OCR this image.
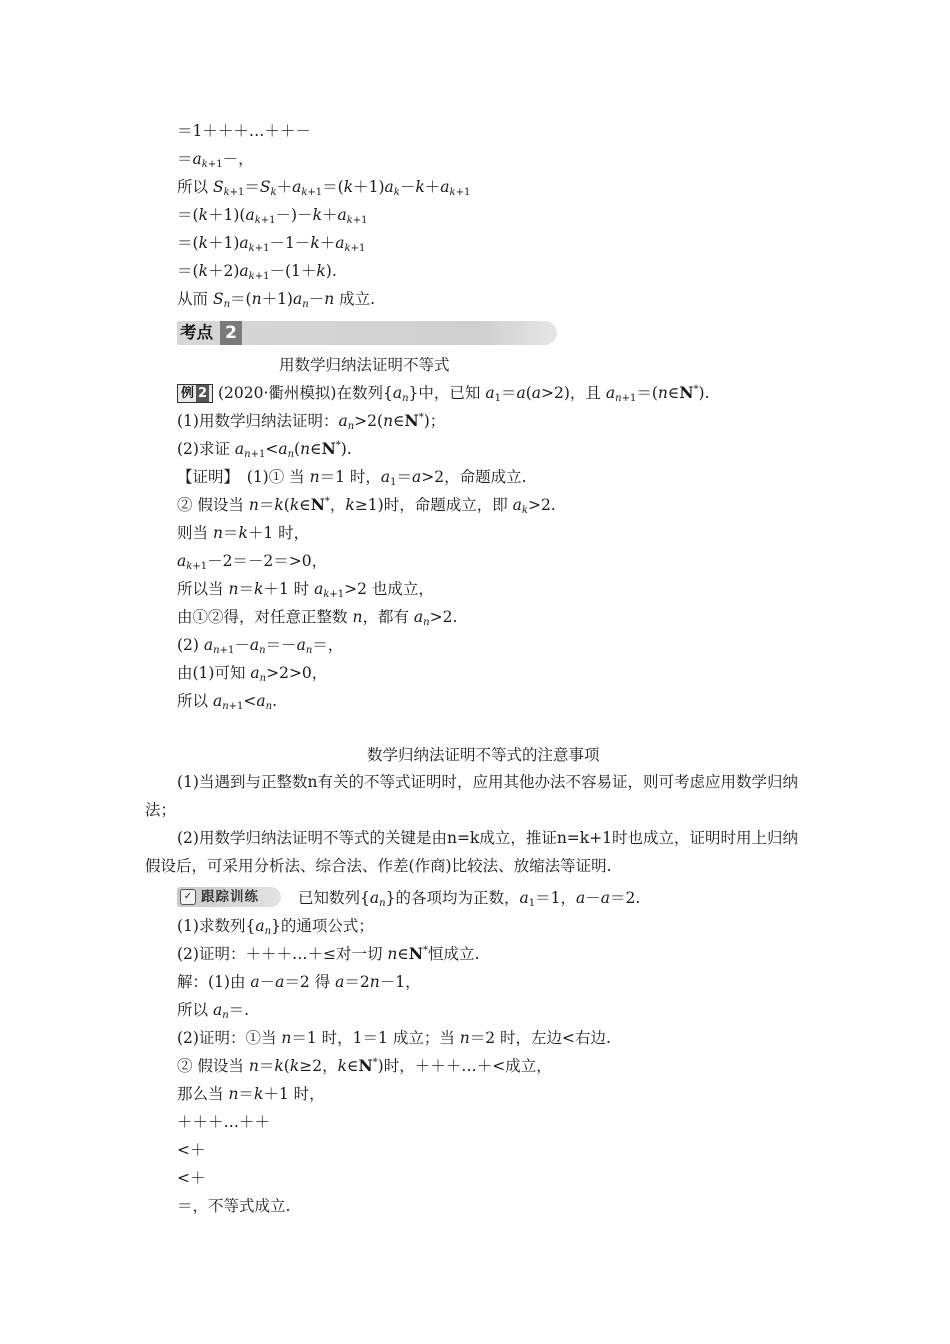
＝1＋＋＋…＋＋－
$=a_{k+1}-$，
所以 $S_{k+1}=S_k+a_{k+1}=(k+1)a_k-k+a_{k+1}$
$=(k+1)(a_{k+1}-)-k+a_{k+1}$
$=(k+1)a_{k+1}-1-k+a_{k+1}$
$=(k+2)a_{k+1}-(1+k)$.
从而 $S_n=(n+1)a_n-n$ 成立.
考点 2
用数学归纳法证明不等式
例 2 (2020·衢州模拟)在数列$\{a_n\}$中，已知 $a_1=a(a>2)$，且 $a_{n+1}=(n\in N^*)$.
(1)用数学归纳法证明：$a_n>2(n\in N^*)$；
(2)求证 $a_{n+1}<a_n(n\in N^*)$.
【证明】　(1)① 当 n＝1 时，$a_1=a>2$，命题成立.
② 假设当 n＝k(k∈N*，k≥1)时，命题成立，即 $a_k>2$.
则当 n＝k＋1 时，
$a_{k+1}-2=-2=>0$，
所以当 n＝k＋1 时 $a_{k+1}>2$ 也成立，
由①②得，对任意正整数 n，都有 $a_n>2$.
(2) $a_{n+1}-a_n=-a_n=$，
由(1)可知 $a_n>2>0$，
所以 $a_{n+1}<a_n$.
数学归纳法证明不等式的注意事项
(1)当遇到与正整数n有关的不等式证明时，应用其他办法不容易证，则可考虑应用数学归纳法；
(2)用数学归纳法证明不等式的关键是由n=k成立，推证n=k+1时也成立，证明时用上归纳假设后，可采用分析法、综合法、作差(作商)比较法、放缩法等证明.
✓ 跟踪训练	已知数列$\{a_n\}$的各项均为正数，$a_1=1$，a－a＝2.
(1)求数列$\{a_n\}$的通项公式；
(2)证明：＋＋＋…＋≤对一切 n∈N*恒成立.
解：(1)由 a－a＝2 得 a＝2n－1，
所以 $a_n=$.
(2)证明：①当 n＝1 时，1＝1 成立；当 n＝2 时，左边<右边.
② 假设当 n＝k(k≥2，k∈N*)时，＋＋＋…＋<成立，
那么当 n＝k＋1 时，
＋＋＋…＋＋
<＋
<＋
＝，不等式成立.
